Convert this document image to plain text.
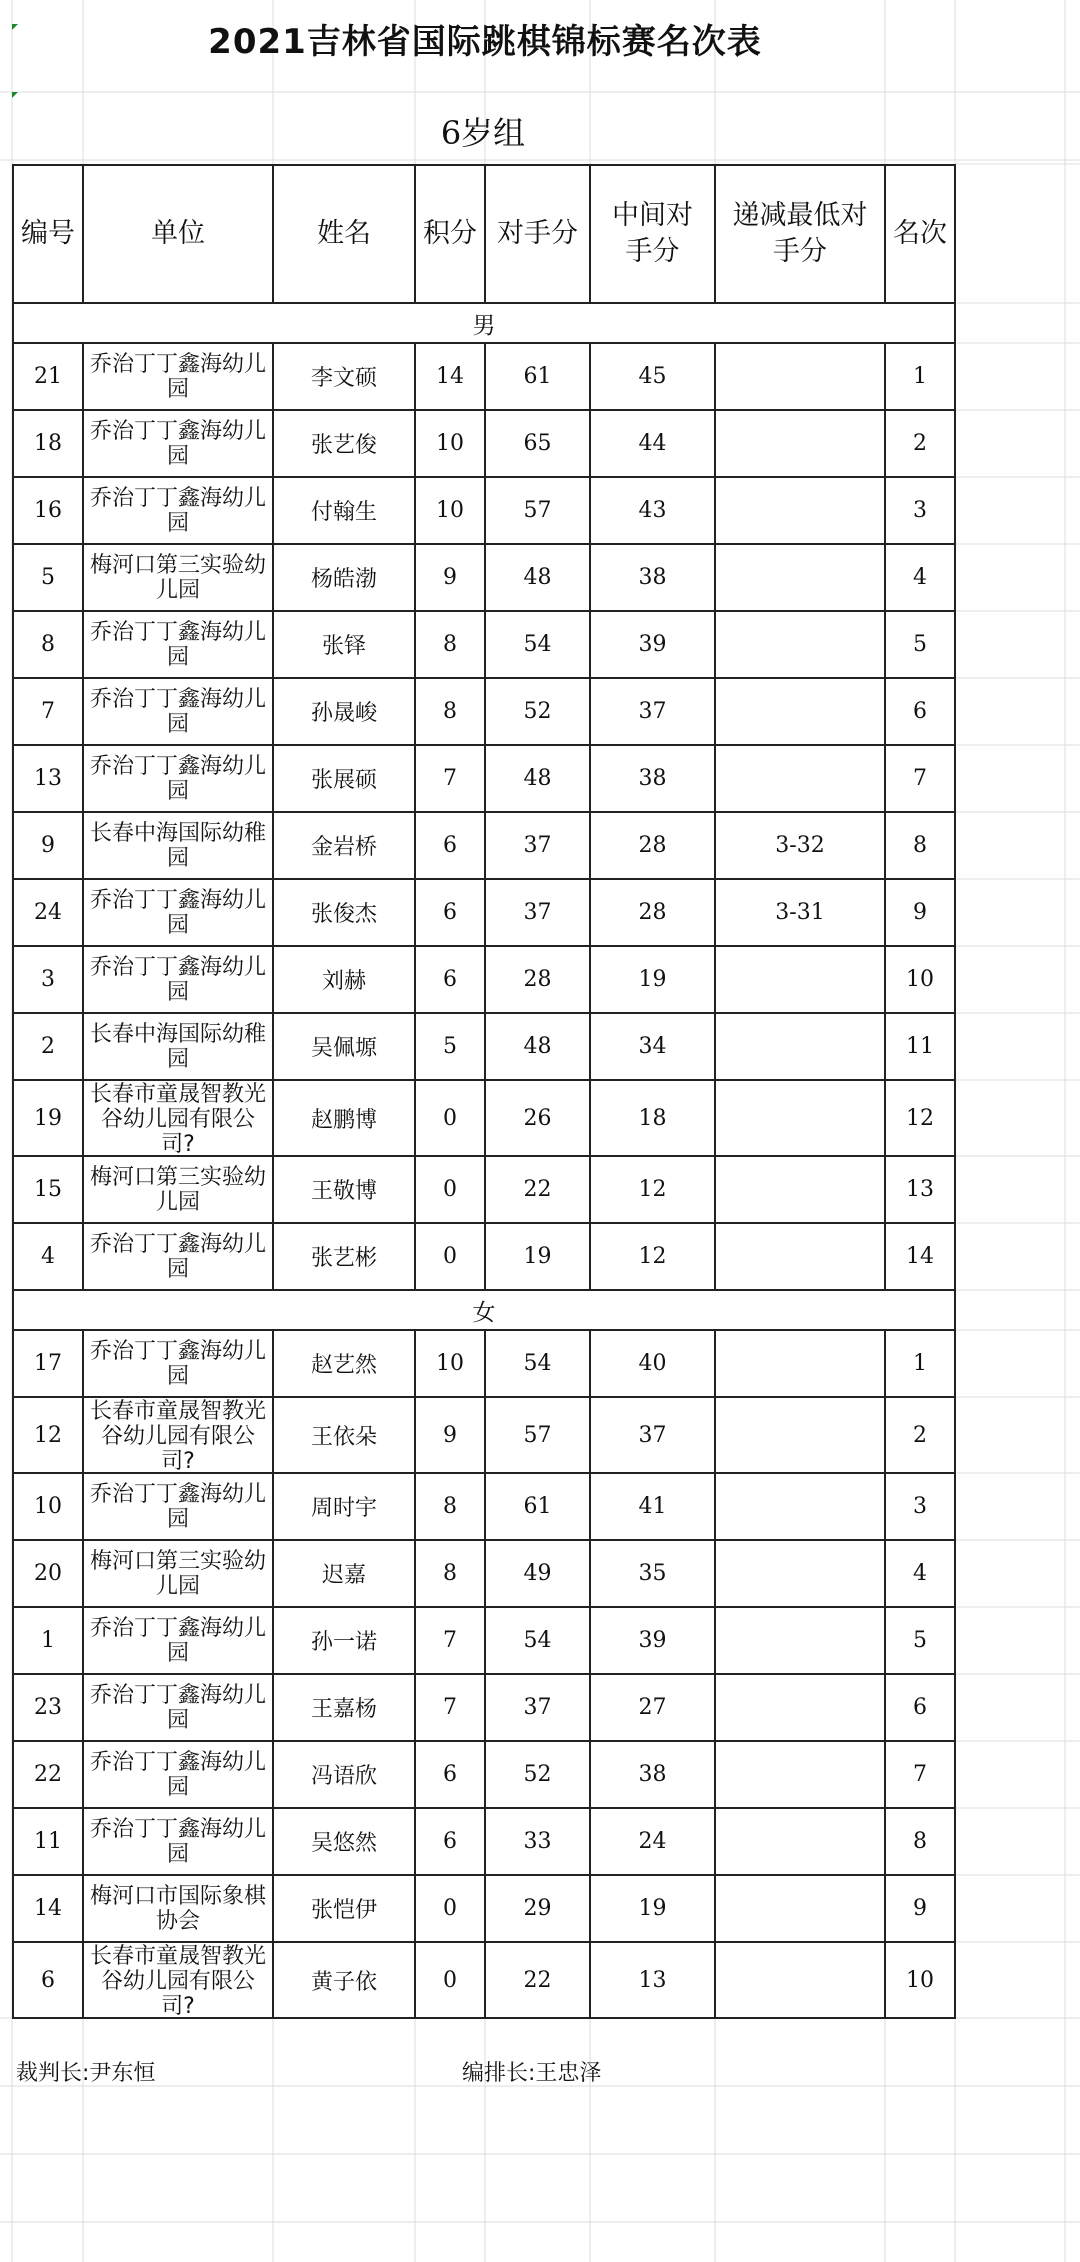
2021吉林省国际跳棋锦标赛名次表
6岁组
编号	单位	姓名	积分	对手分	中间对手分	递减最低对手分	名次
男							
21	乔治丁丁鑫海幼儿园	李文硕	14	61	45		1
18	乔治丁丁鑫海幼儿园	张艺俊	10	65	44		2
16	乔治丁丁鑫海幼儿园	付翰生	10	57	43		3
5	梅河口第三实验幼儿园	杨皓渤	9	48	38		4
8	乔治丁丁鑫海幼儿园	张铎	8	54	39		5
7	乔治丁丁鑫海幼儿园	孙晟峻	8	52	37		6
13	乔治丁丁鑫海幼儿园	张展硕	7	48	38		7
9	长春中海国际幼稚园	金岩桥	6	37	28	3-32	8
24	乔治丁丁鑫海幼儿园	张俊杰	6	37	28	3-31	9
3	乔治丁丁鑫海幼儿园	刘赫	6	28	19		10
2	长春中海国际幼稚园	吴佩塬	5	48	34		11
19	长春市童晟智教光谷幼儿园有限公司?	赵鹏博	0	26	18		12
15	梅河口第三实验幼儿园	王敬博	0	22	12		13
4	乔治丁丁鑫海幼儿园	张艺彬	0	19	12		14
女							
17	乔治丁丁鑫海幼儿园	赵艺然	10	54	40		1
12	长春市童晟智教光谷幼儿园有限公司?	王依朵	9	57	37		2
10	乔治丁丁鑫海幼儿园	周时宇	8	61	41		3
20	梅河口第三实验幼儿园	迟嘉	8	49	35		4
1	乔治丁丁鑫海幼儿园	孙一诺	7	54	39		5
23	乔治丁丁鑫海幼儿园	王嘉杨	7	37	27		6
22	乔治丁丁鑫海幼儿园	冯语欣	6	52	38		7
11	乔治丁丁鑫海幼儿园	吴悠然	6	33	24		8
14	梅河口市国际象棋协会	张恺伊	0	29	19		9
6	长春市童晟智教光谷幼儿园有限公司?	黄子依	0	22	13		10
裁判长:尹东恒	编排长:王忠泽
